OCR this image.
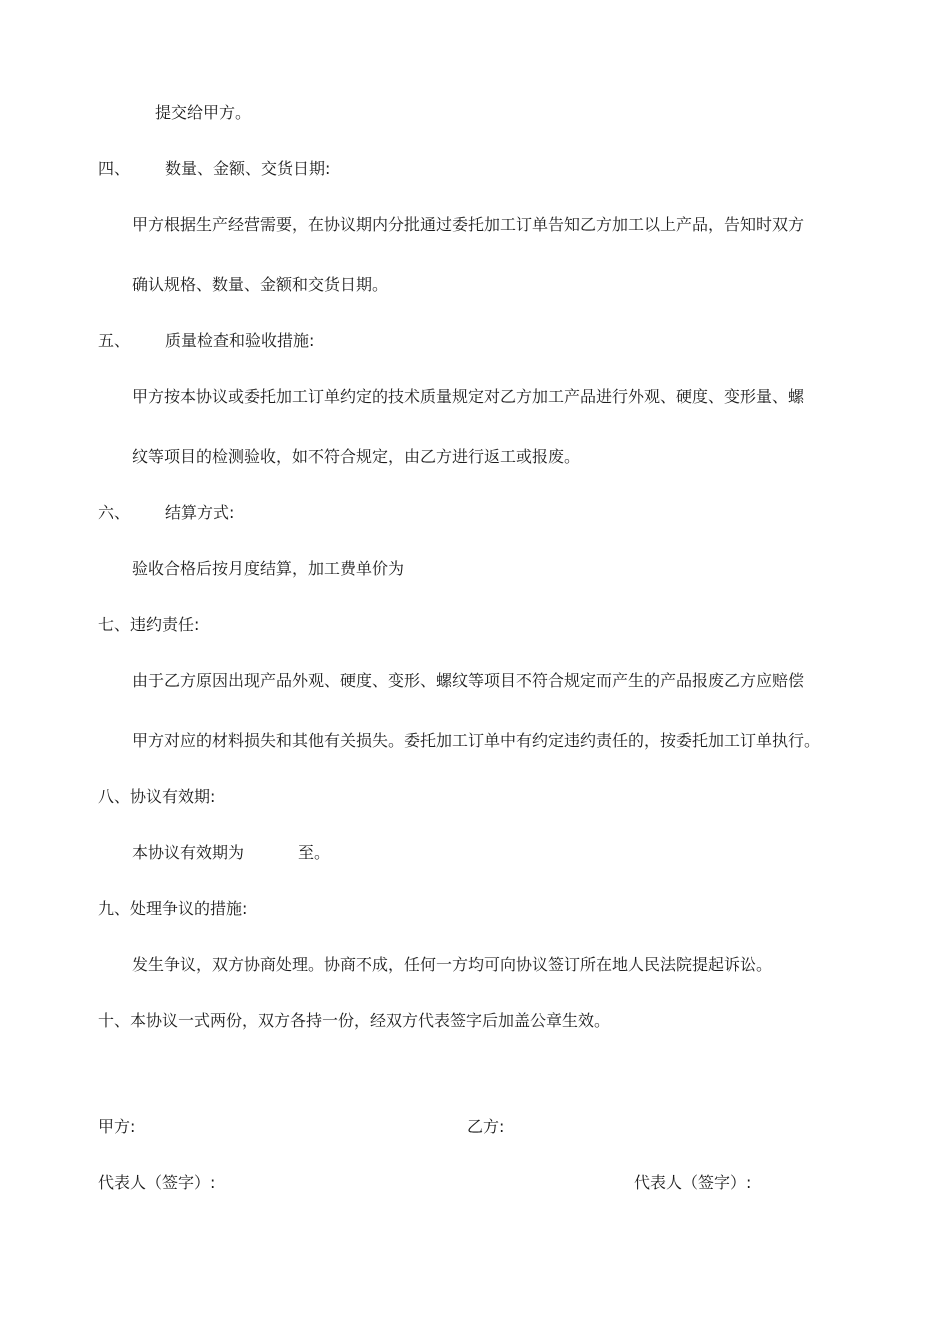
提交给甲方。
四、 数量、金额、交货日期:
甲方根据生产经营需要，在协议期内分批通过委托加工订单告知乙方加工以上产品，告知时双方
确认规格、数量、金额和交货日期。
五、 质量检查和验收措施:
甲方按本协议或委托加工订单约定的技术质量规定对乙方加工产品进行外观、硬度、变形量、螺
纹等项目的检测验收，如不符合规定，由乙方进行返工或报废。
六、 结算方式:
验收合格后按月度结算，加工费单价为
七、违约责任:
由于乙方原因出现产品外观、硬度、变形、螺纹等项目不符合规定而产生的产品报废乙方应赔偿
甲方对应的材料损失和其他有关损失。委托加工订单中有约定违约责任的，按委托加工订单执行。
八、协议有效期:
本协议有效期为	至。
九、处理争议的措施:
发生争议，双方协商处理。协商不成，任何一方均可向协议签订所在地人民法院提起诉讼。
十、本协议一式两份，双方各持一份，经双方代表签字后加盖公章生效。
甲方:	乙方:
代表人（签字）:	代表人（签字）:
